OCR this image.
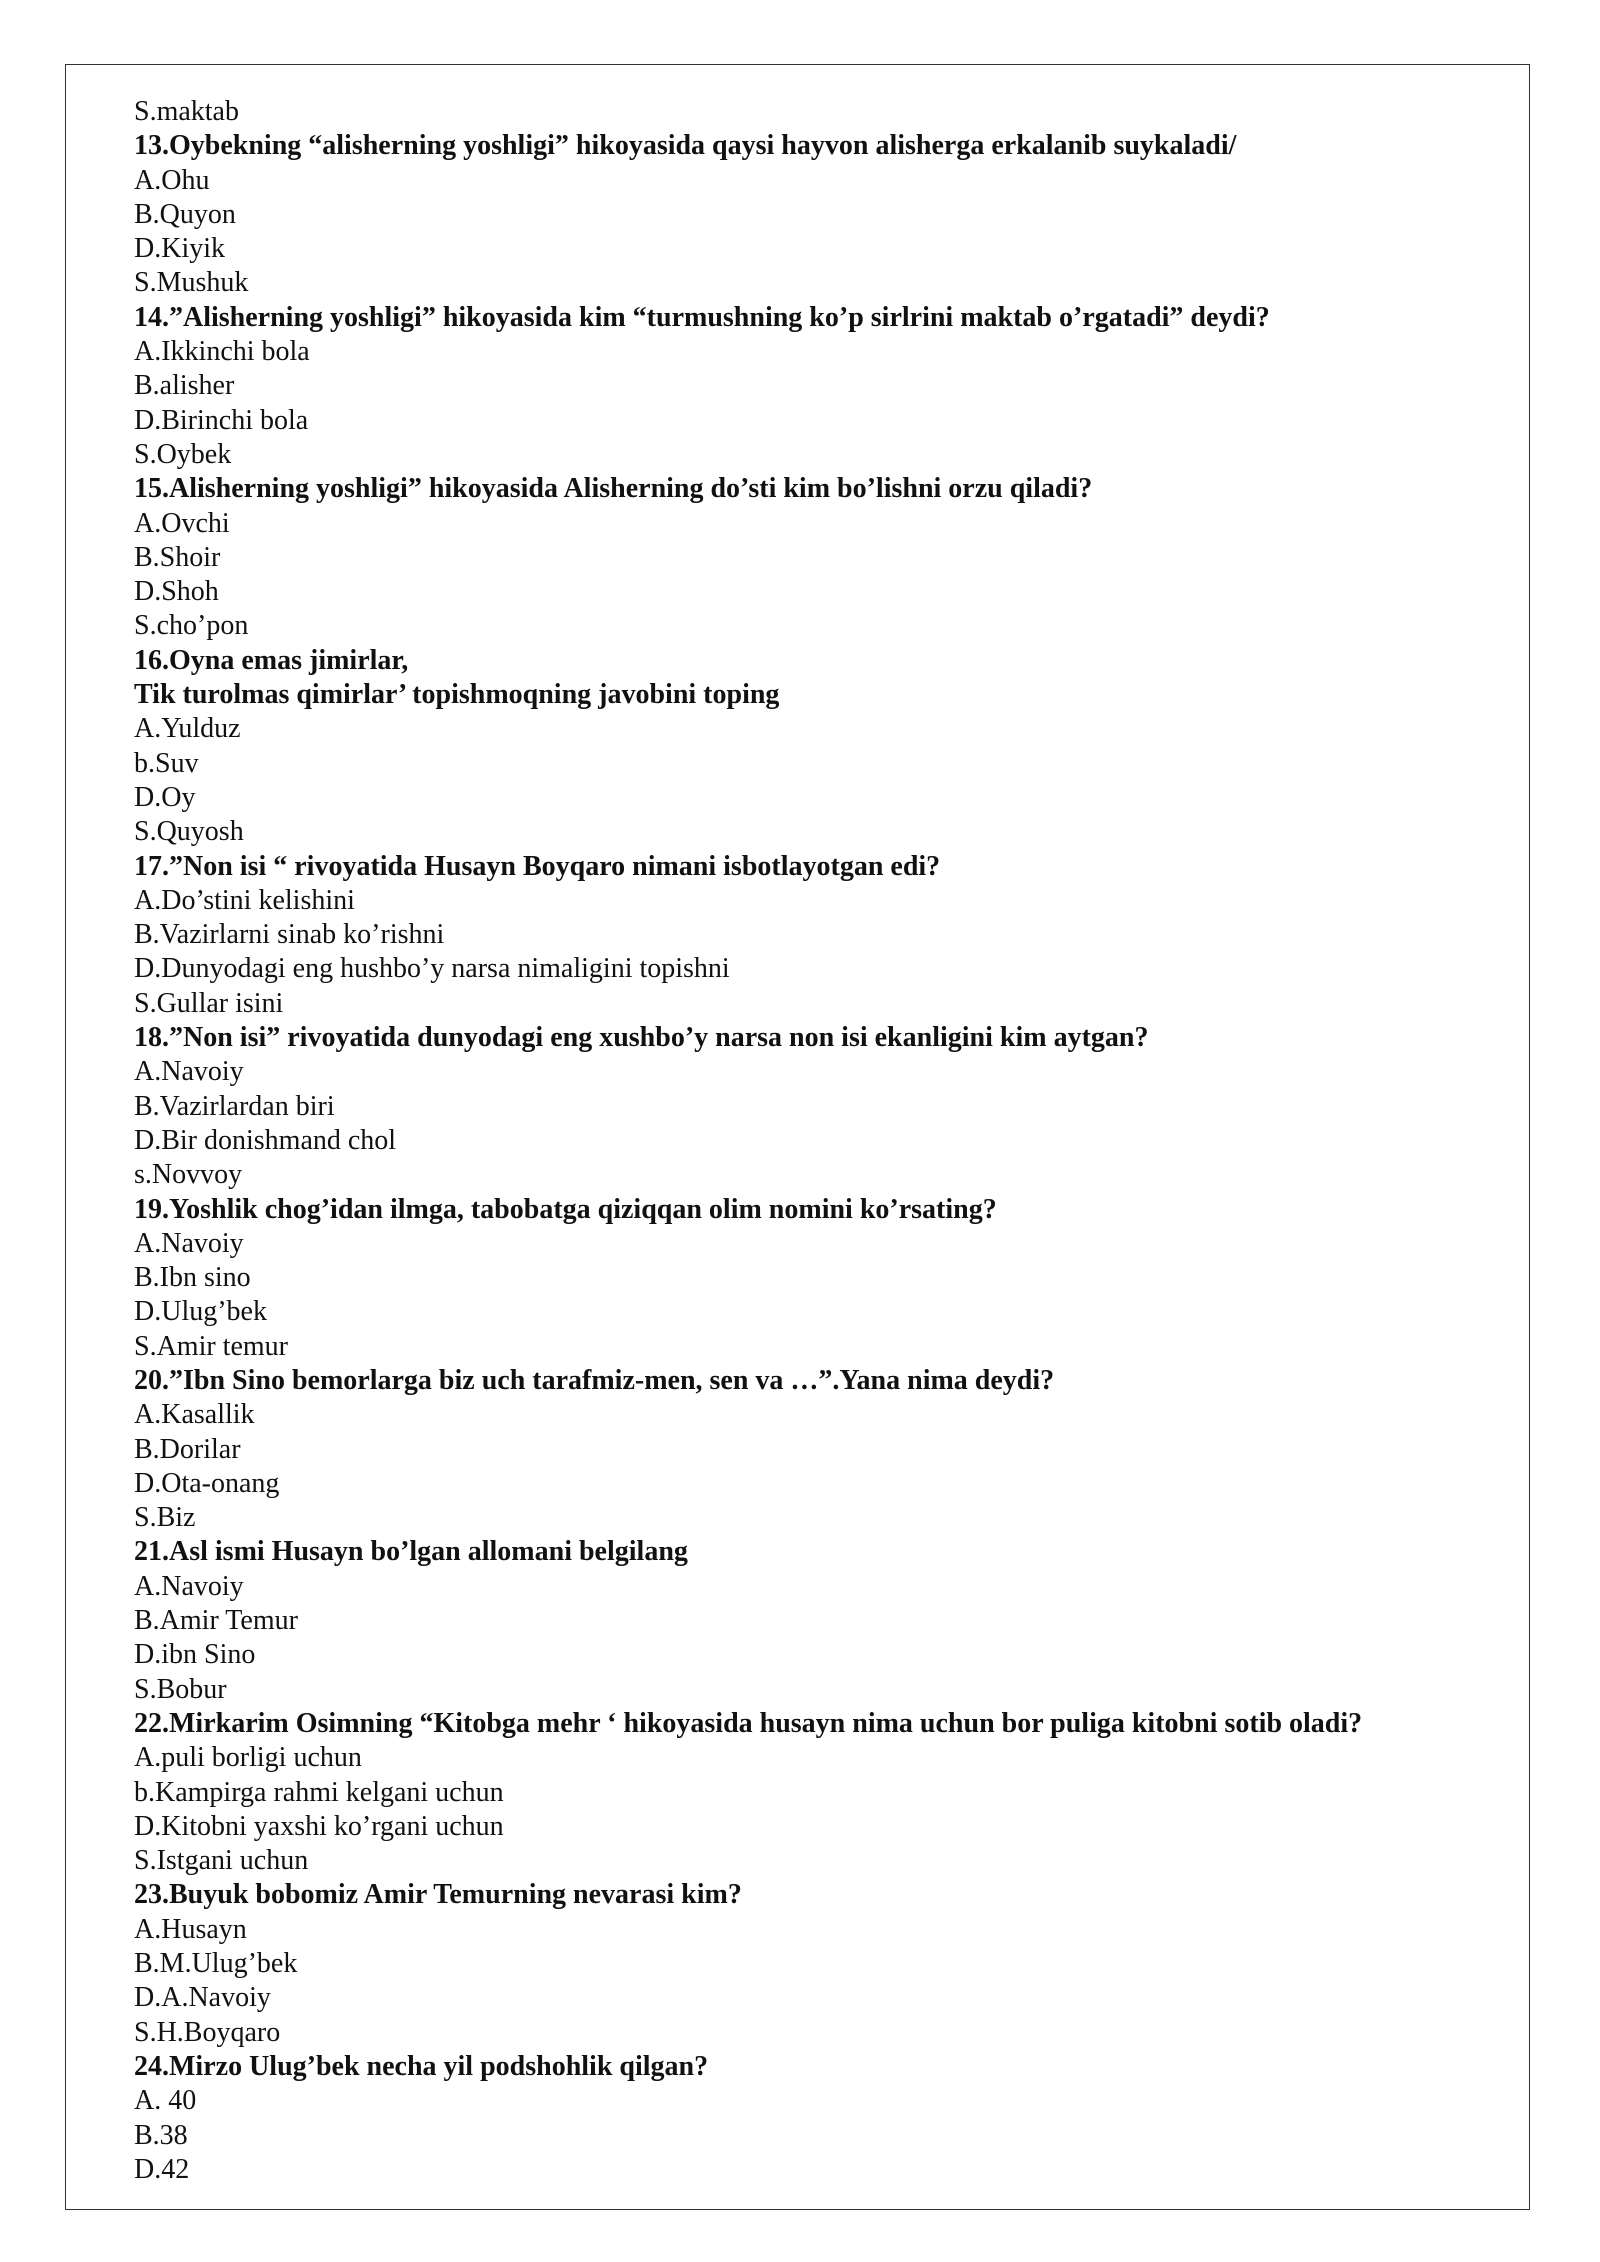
S.maktab
13.Oybekning “alisherning yoshligi” hikoyasida qaysi hayvon alisherga erkalanib suykaladi/
A.Ohu
B.Quyon
D.Kiyik
S.Mushuk
14.”Alisherning yoshligi” hikoyasida kim “turmushning ko’p sirlrini maktab o’rgatadi” deydi?
A.Ikkinchi bola
B.alisher
D.Birinchi bola
S.Oybek
15.Alisherning yoshligi” hikoyasida Alisherning do’sti kim bo’lishni orzu qiladi?
A.Ovchi
B.Shoir
D.Shoh
S.cho’pon
16.Oyna emas jimirlar,
Tik turolmas qimirlar’ topishmoqning javobini toping
A.Yulduz
b.Suv
D.Oy
S.Quyosh
17.”Non isi “ rivoyatida Husayn Boyqaro nimani isbotlayotgan edi?
A.Do’stini kelishini
B.Vazirlarni sinab ko’rishni
D.Dunyodagi eng hushbo’y narsa nimaligini topishni
S.Gullar isini
18.”Non isi” rivoyatida dunyodagi eng xushbo’y narsa non isi ekanligini kim aytgan?
A.Navoiy
B.Vazirlardan biri
D.Bir donishmand chol
s.Novvoy
19.Yoshlik chog’idan ilmga, tabobatga qiziqqan olim nomini ko’rsating?
A.Navoiy
B.Ibn sino
D.Ulug’bek
S.Amir temur
20.”Ibn Sino bemorlarga biz uch tarafmiz-men, sen va …”.Yana nima deydi?
A.Kasallik
B.Dorilar
D.Ota-onang
S.Biz
21.Asl ismi Husayn bo’lgan allomani belgilang
A.Navoiy
B.Amir Temur
D.ibn Sino
S.Bobur
22.Mirkarim Osimning “Kitobga mehr ‘ hikoyasida husayn nima uchun bor puliga kitobni sotib oladi?
A.puli borligi uchun
b.Kampirga rahmi kelgani uchun
D.Kitobni yaxshi ko’rgani uchun
S.Istgani uchun
23.Buyuk bobomiz Amir Temurning nevarasi kim?
A.Husayn
B.M.Ulug’bek
D.A.Navoiy
S.H.Boyqaro
24.Mirzo Ulug’bek necha yil podshohlik qilgan?
A. 40
B.38
D.42
